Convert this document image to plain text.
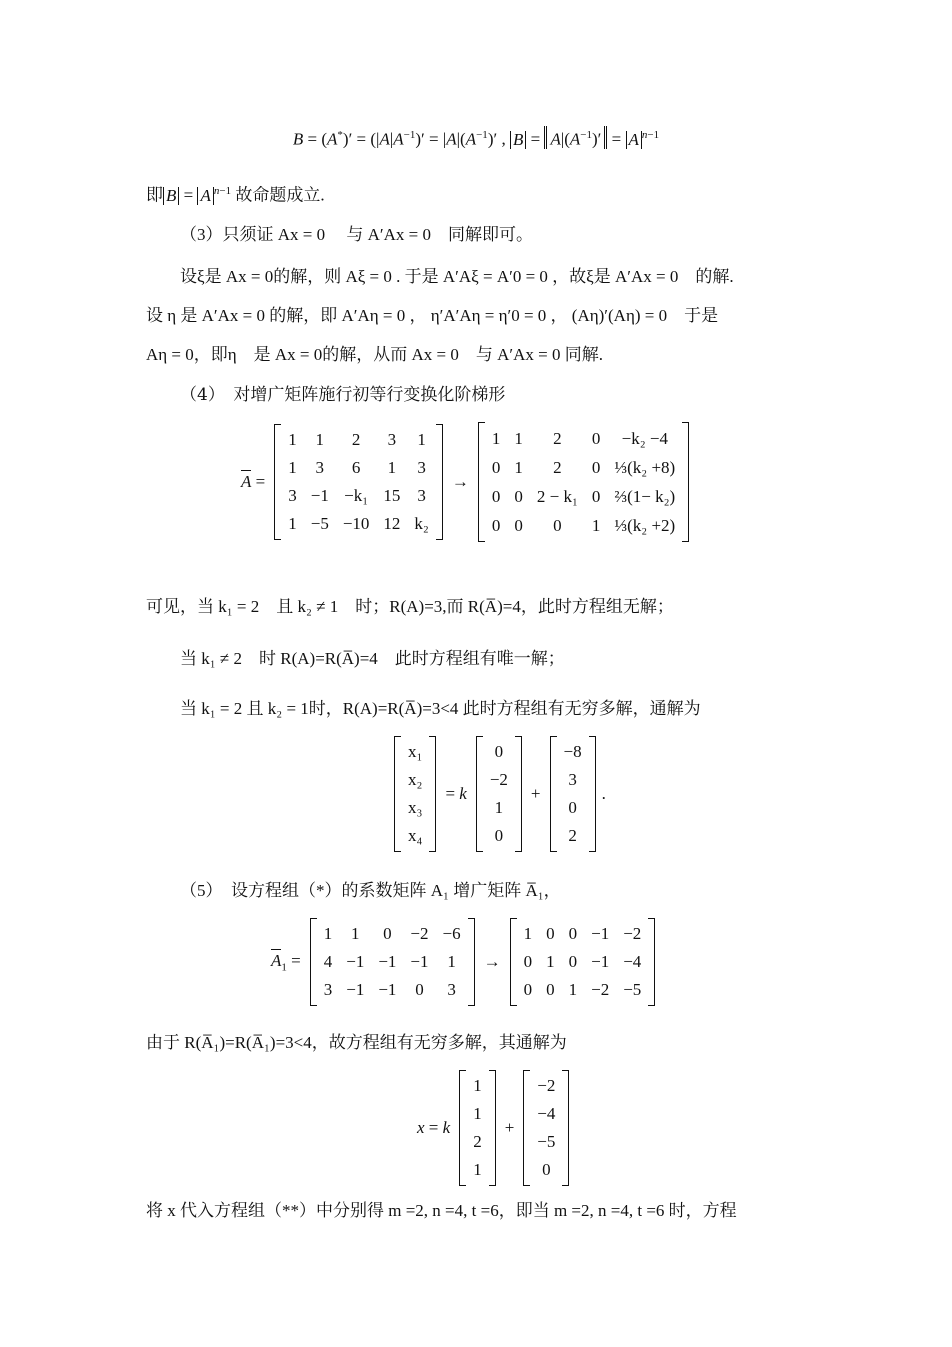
$B = (A^*)' = (|A|A^{-1})' = |A|(A^{-1})'$ , $B = A|(A^{-1})' = A$ $^{n-1}$
即 B = A $^{n-1}$ 故命题成立.
（3）只须证 Ax = 0　 与 A′Ax = 0　同解即可。
设ξ是 Ax = 0的解，则 Aξ = 0 . 于是 A′Aξ = A′0 = 0 ，故ξ是 A′Ax = 0　的解.
设 η 是 A′Ax = 0 的解，即 A′Aη = 0 ， η′A′Aη = η′0 = 0 ， (Aη)′(Aη) = 0　于是
Aη = 0，即η　是 Ax = 0的解，从而 Ax = 0　与 A′Ax = 0 同解.
（4）　对增广矩阵施行初等行变换化阶梯形
A =
1	1	2	3	1
1	3	6	1	3
3	−1	−k₁	15	3
1	−5	−10	12	k₂
→
1	1	2	0	−k₂ −4
0	1	2	0	⅓(k₂ +8)
0	0	2 − k₁	0	⅔(1− k₂)
0	0	0	1	⅓(k₂ +2)
可见，当 k₁ = 2　且 k₂ ≠ 1　时；R(A)=3,而 R(A̅)=4，此时方程组无解；
当 k₁ ≠ 2　时 R(A)=R(A̅)=4　此时方程组有唯一解；
当 k₁ = 2 且 k₂ = 1时，R(A)=R(A̅)=3<4 此时方程组有无穷多解，通解为
x₁
x₂
x₃
x₄
= k
0
−2
1
0
+
−8
3
0
2
.
（5）　设方程组（*）的系数矩阵 A₁ 增广矩阵 A̅₁，
$A_1$ =
1	1	0	−2	−6
4	−1	−1	−1	1
3	−1	−1	0	3
→
1	0	0	−1	−2
0	1	0	−1	−4
0	0	1	−2	−5
由于 R(A̅₁)=R(A̅₁)=3<4，故方程组有无穷多解，其通解为
x = k
1
1
2
1
+
−2
−4
−5
0
将 x 代入方程组（**）中分别得 m =2, n =4, t =6，即当 m =2, n =4, t =6 时，方程
